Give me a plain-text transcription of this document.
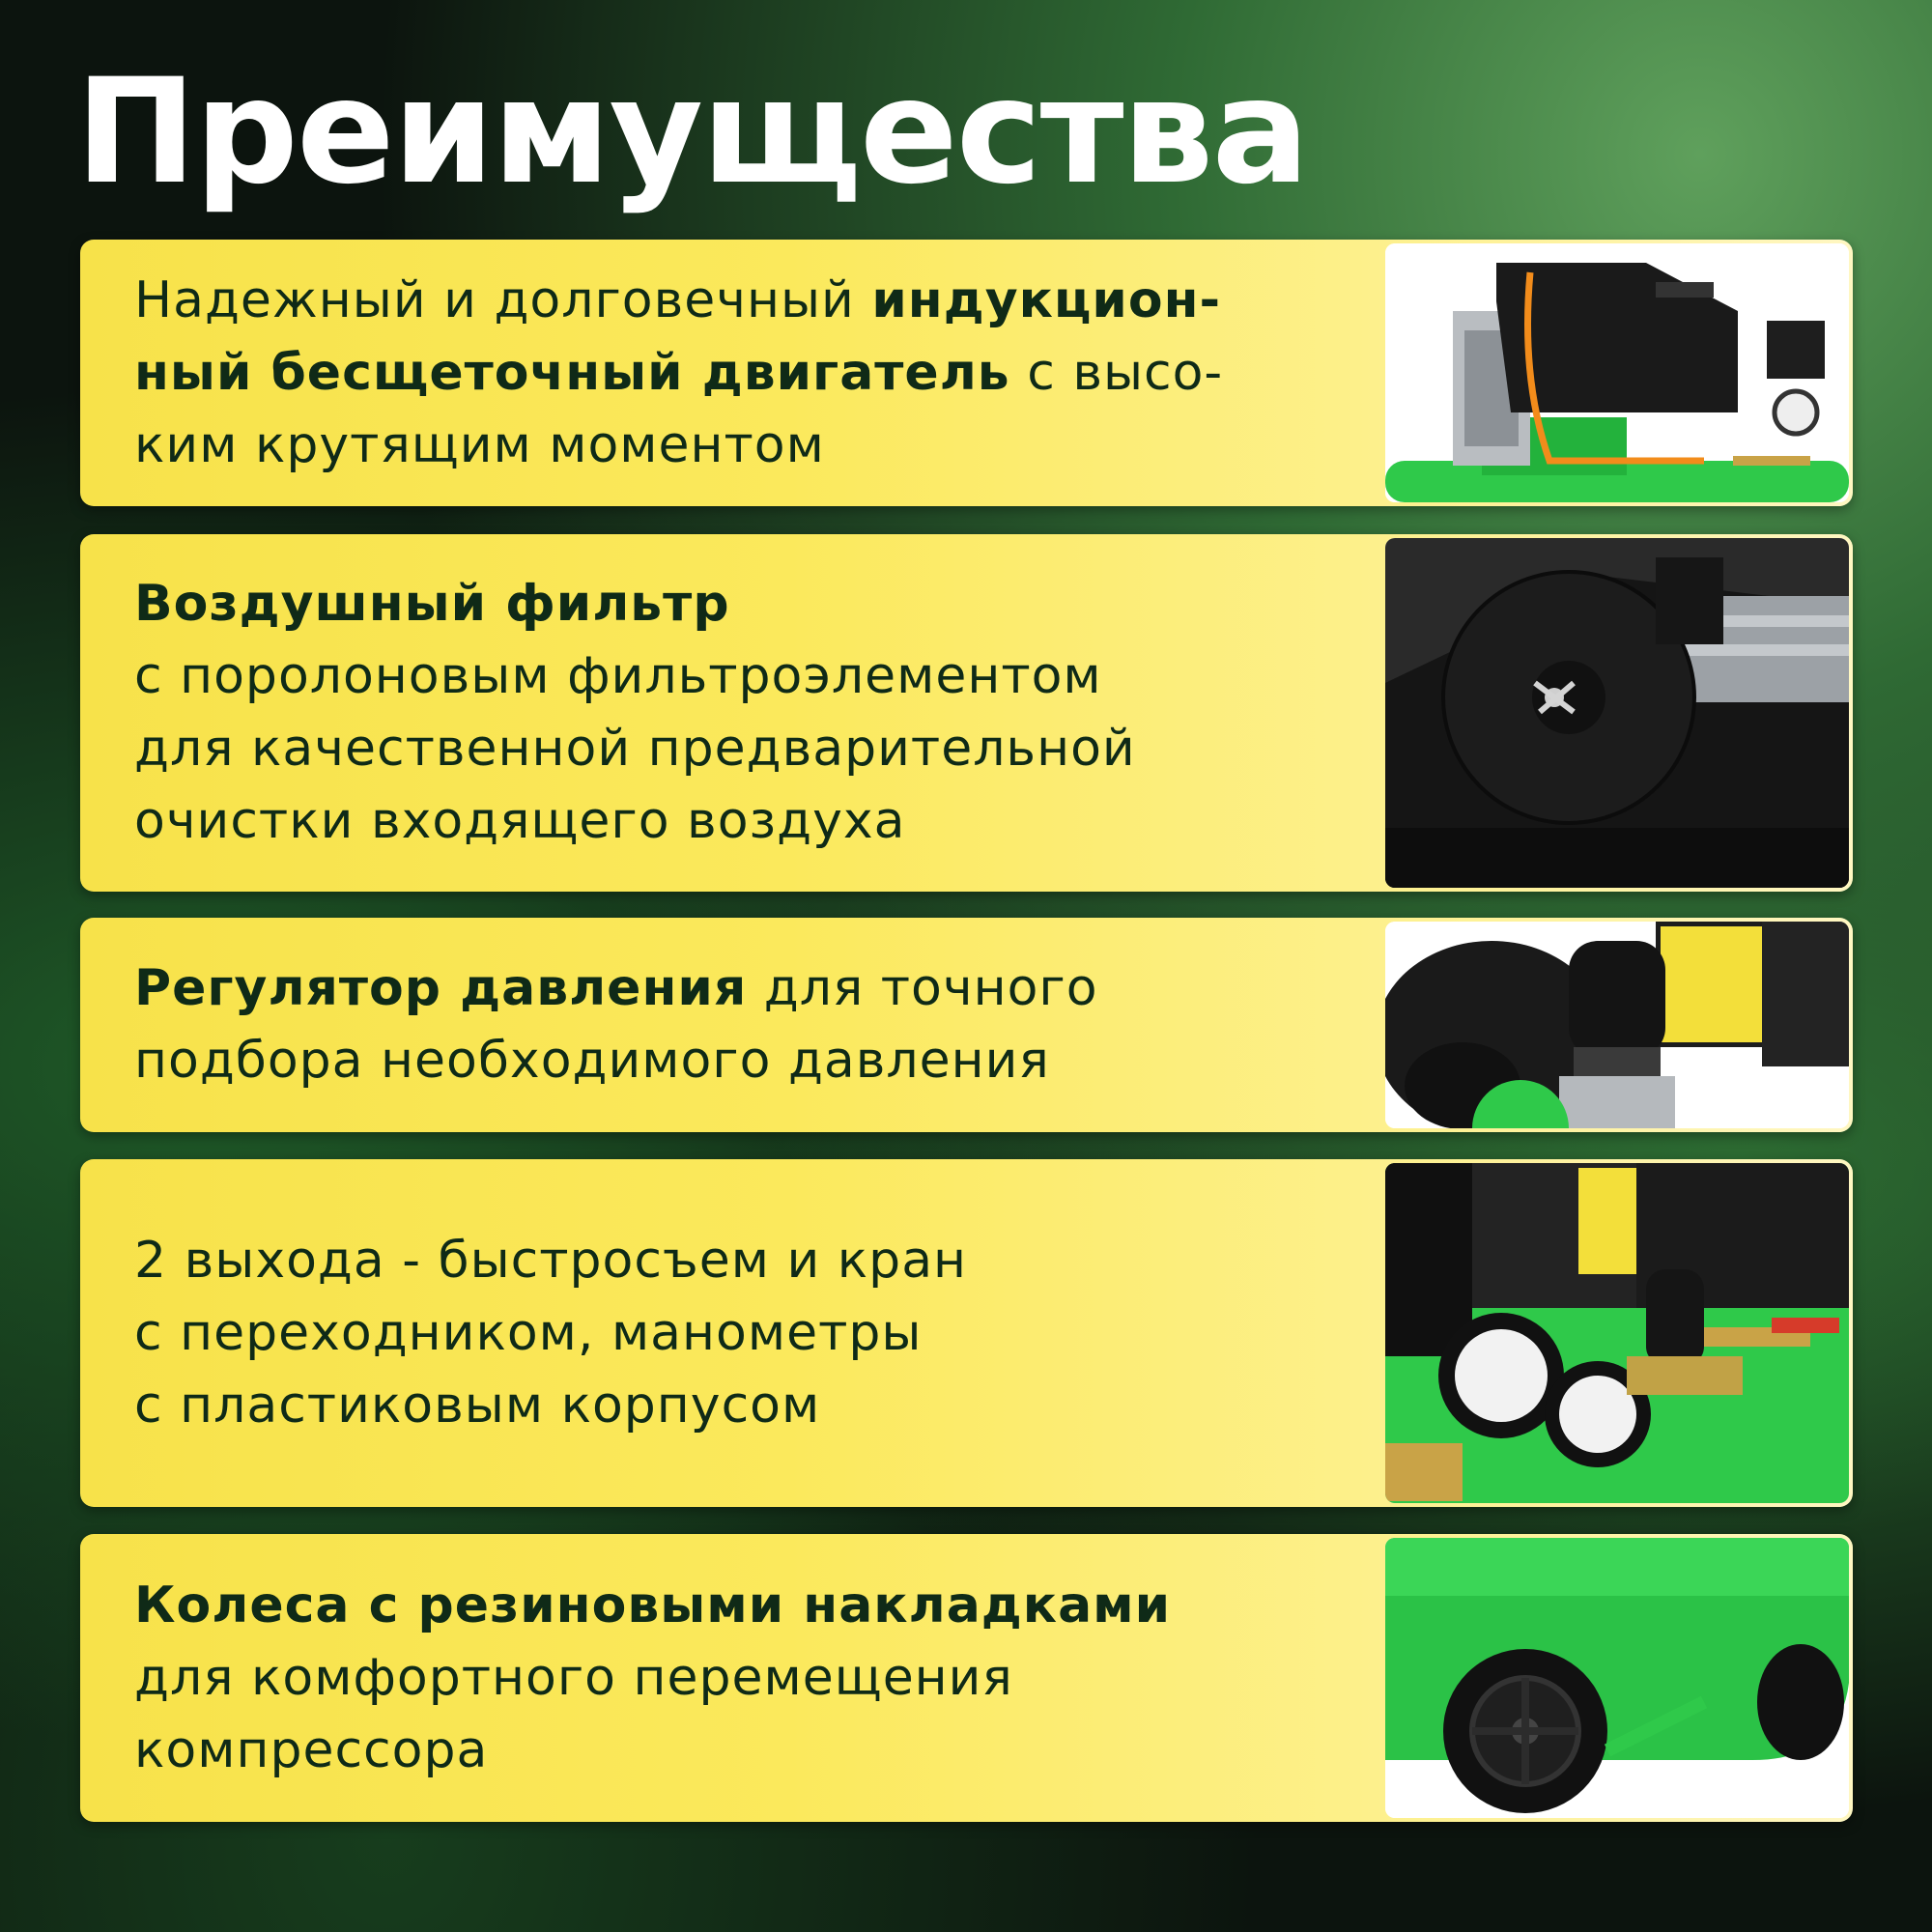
Преимущества
Надежный и долговечный индукцион-
ный бесщеточный двигатель с высо-
ким крутящим моментом
Воздушный фильтр
с поролоновым фильтроэлементом
для качественной предварительной
очистки входящего воздуха
Регулятор давления для точного
подбора необходимого давления
2 выхода - быстросъем и кран
с переходником, манометры
с пластиковым корпусом
Колеса с резиновыми накладками
для комфортного перемещения
компрессора
